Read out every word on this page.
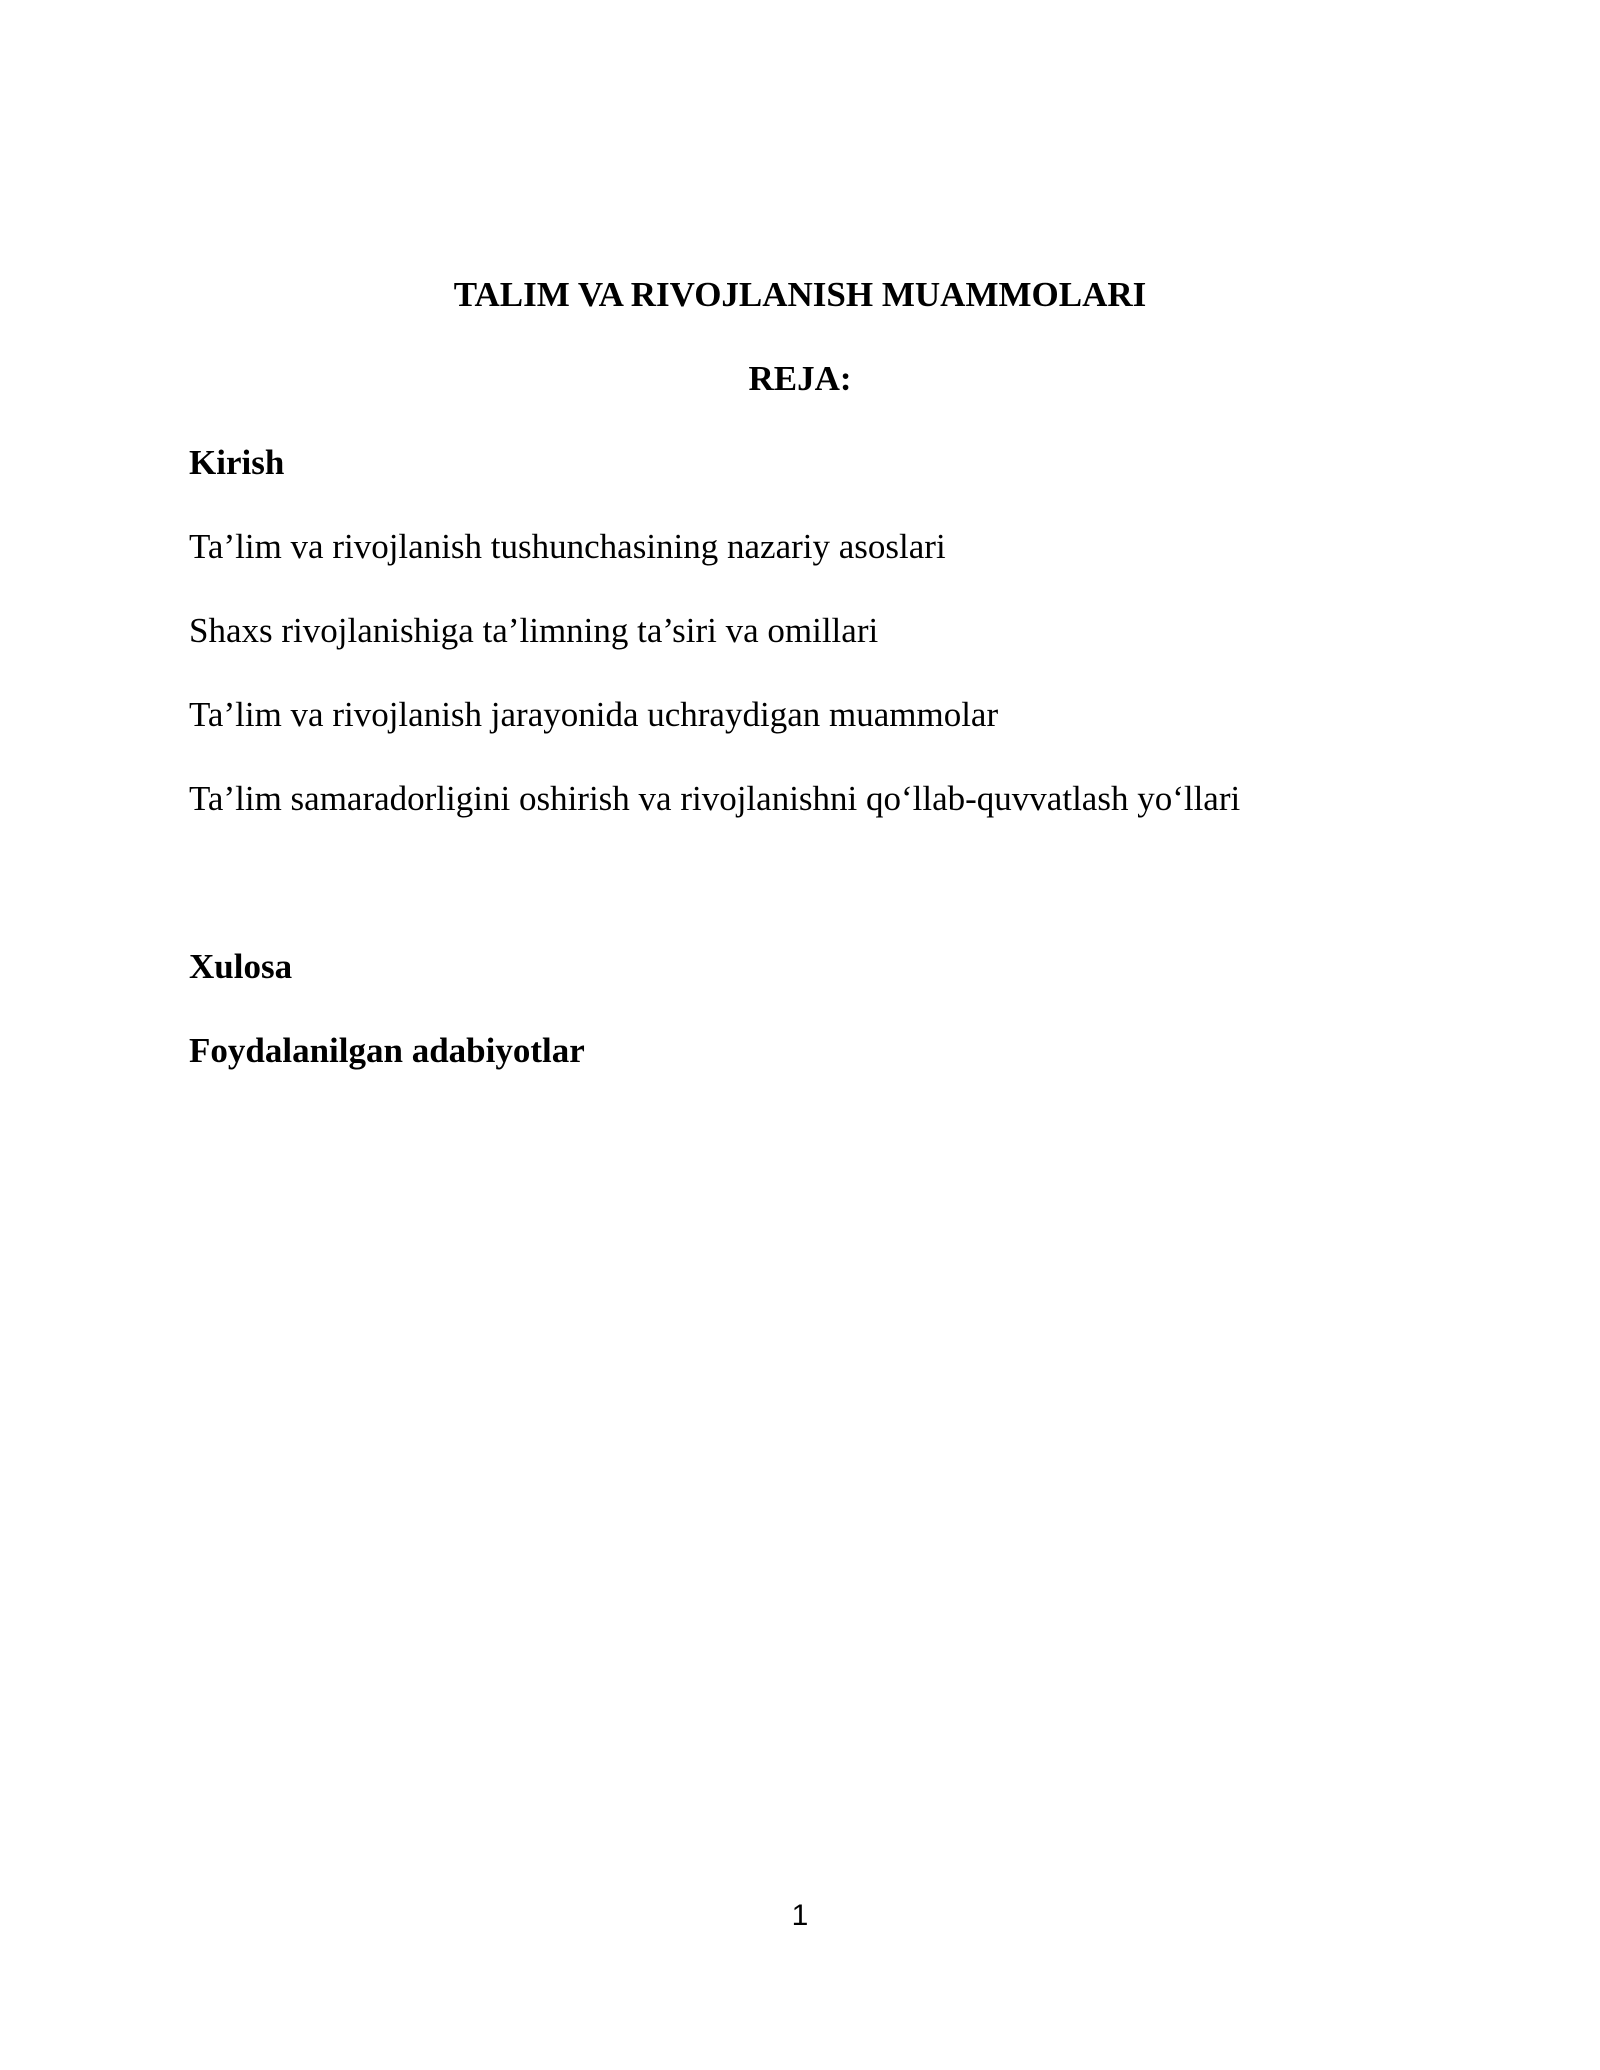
TALIM VA RIVOJLANISH MUAMMOLARI
REJA:
Kirish
Ta’lim va rivojlanish tushunchasining nazariy asoslari
Shaxs rivojlanishiga ta’limning ta’siri va omillari
Ta’lim va rivojlanish jarayonida uchraydigan muammolar
Ta’lim samaradorligini oshirish va rivojlanishni qo‘llab-quvvatlash yo‘llari
Xulosa
Foydalanilgan adabiyotlar
1
